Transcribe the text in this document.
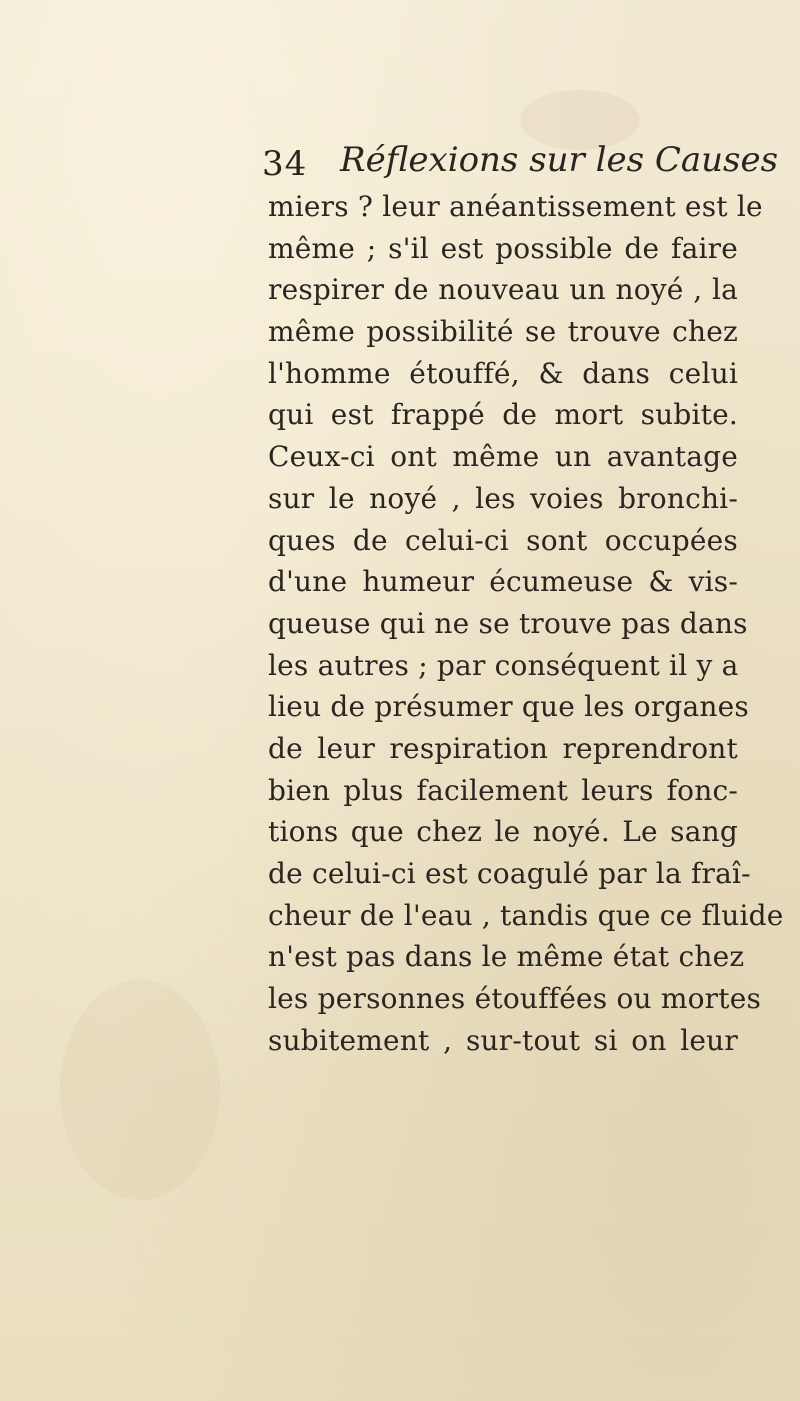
34 Réflexions sur les Causes
miers ? leur anéantissement est le
même ; s'il est possible de faire
respirer de nouveau un noyé , la
même possibilité se trouve chez
l'homme étouffé, & dans celui
qui est frappé de mort subite.
Ceux-ci ont même un avantage
sur le noyé , les voies bronchi-
ques de celui-ci sont occupées
d'une humeur écumeuse & vis-
queuse qui ne se trouve pas dans
les autres ; par conséquent il y a
lieu de présumer que les organes
de leur respiration reprendront
bien plus facilement leurs fonc-
tions que chez le noyé. Le sang
de celui-ci est coagulé par la fraî-
cheur de l'eau , tandis que ce fluide
n'est pas dans le même état chez
les personnes étouffées ou mortes
subitement , sur-tout si on leur
